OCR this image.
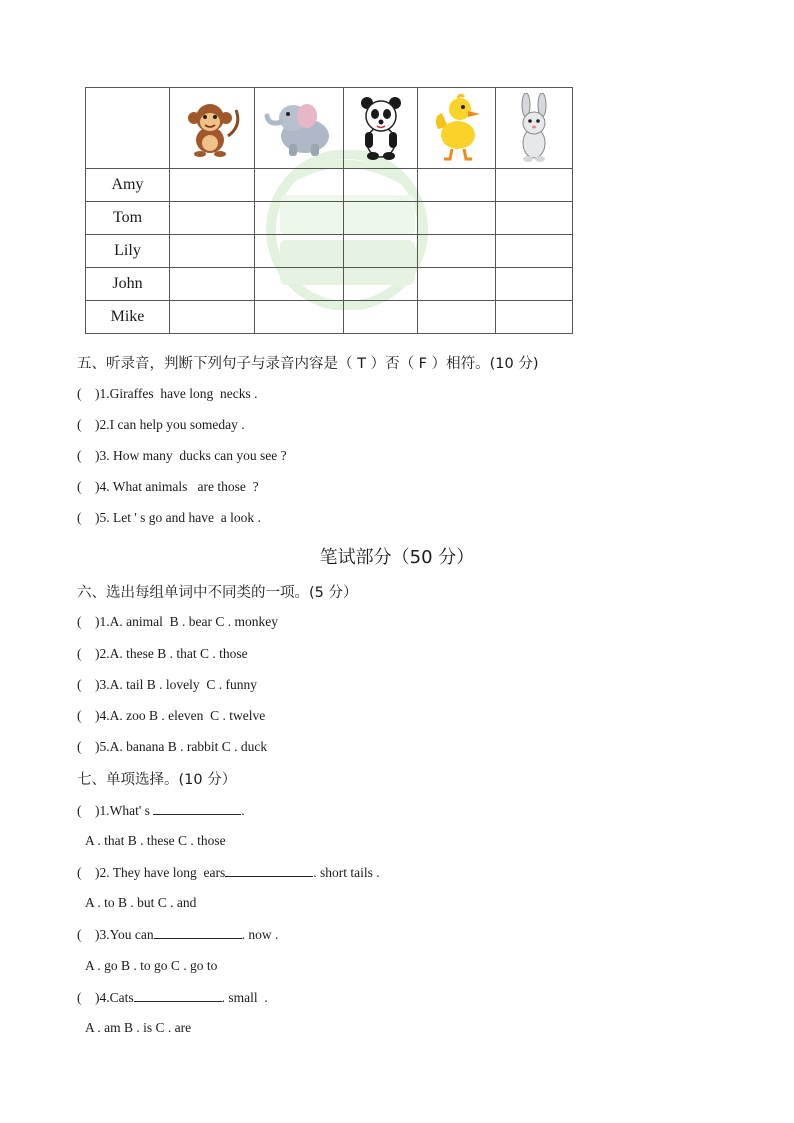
Amy					
Tom					
Lily					
John					
Mike					
五、听录音，判断下列句子与录音内容是（ T ）否（ F ）相符。(10 分)
(    )1.Giraffes  have long  necks .
(    )2.I can help you someday .
(    )3. How many  ducks can you see ?
(    )4. What animals   are those  ?
(    )5. Let ' s go and have  a look .
笔试部分（50 分）
六、选出每组单词中不同类的一项。(5 分）
(    )1.A. animal  B . bear C . monkey
(    )2.A. these B . that C . those
(    )3.A. tail B . lovely  C . funny
(    )4.A. zoo B . eleven  C . twelve
(    )5.A. banana B . rabbit C . duck
七、单项选择。(10 分）
(    )1.What' s	.
A . that B . these C . those
(    )2. They have long  ears	. short tails .
A . to B . but C . and
(    )3.You can	. now .
A . go B . to go C . go to
(    )4.Cats	. small  .
A . am B . is C . are
